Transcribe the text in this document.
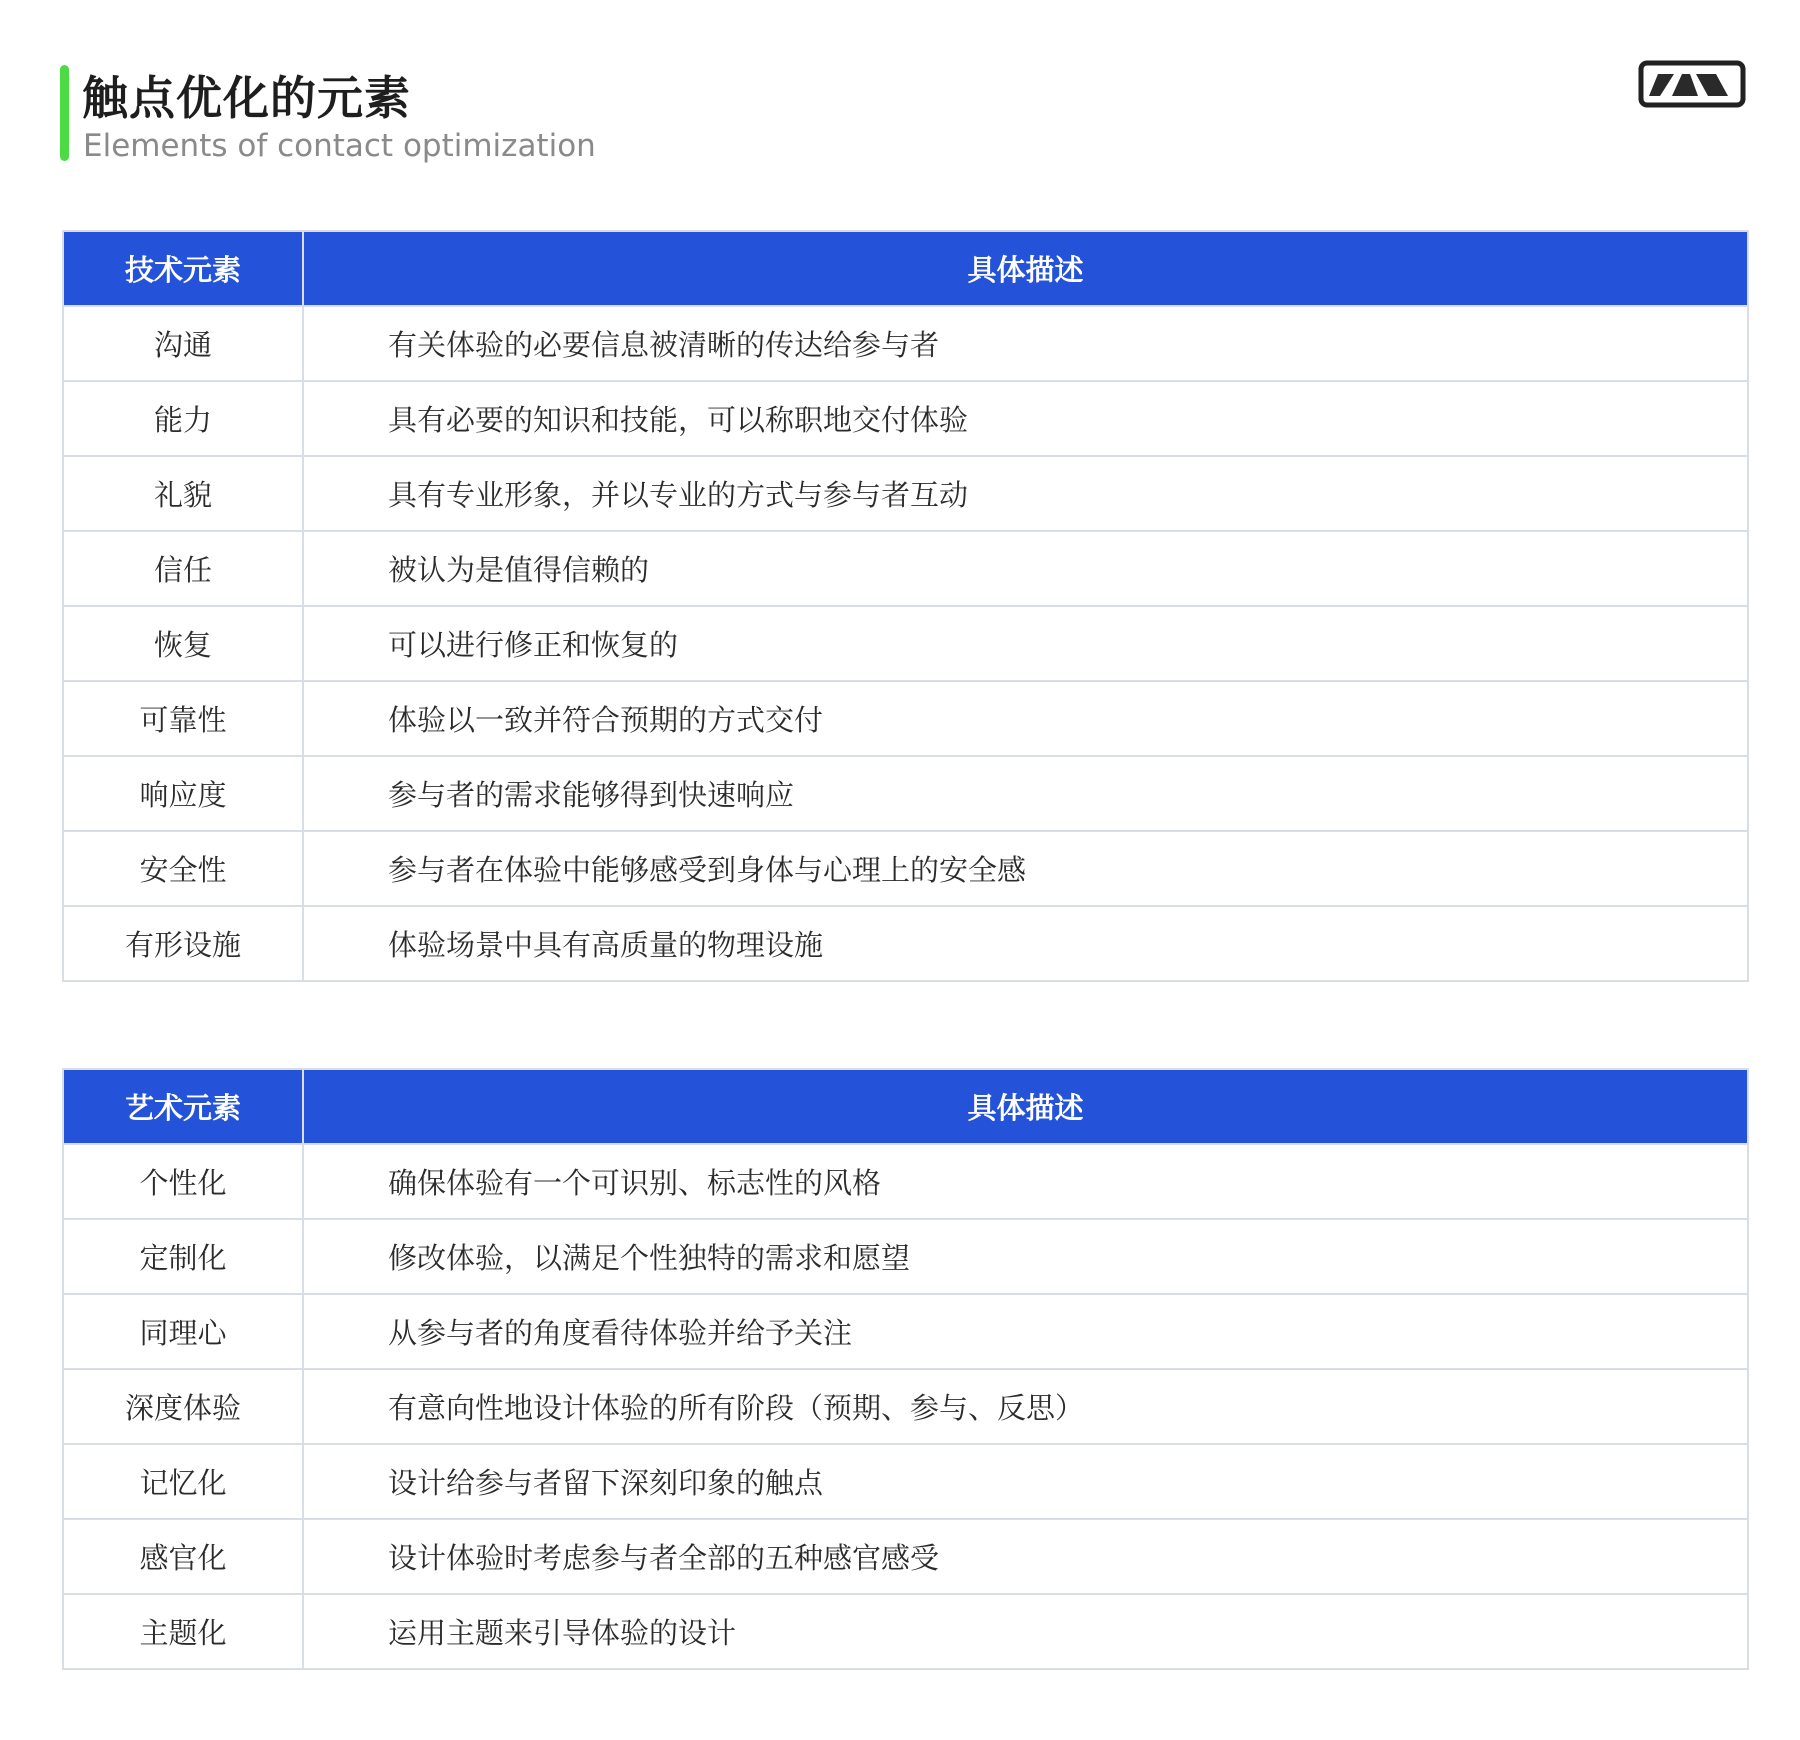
触点优化的元素
Elements of contact optimization
技术元素	具体描述
沟通	有关体验的必要信息被清晰的传达给参与者
能力	具有必要的知识和技能，可以称职地交付体验
礼貌	具有专业形象，并以专业的方式与参与者互动
信任	被认为是值得信赖的
恢复	可以进行修正和恢复的
可靠性	体验以一致并符合预期的方式交付
响应度	参与者的需求能够得到快速响应
安全性	参与者在体验中能够感受到身体与心理上的安全感
有形设施	体验场景中具有高质量的物理设施
艺术元素	具体描述
个性化	确保体验有一个可识别、标志性的风格
定制化	修改体验，以满足个性独特的需求和愿望
同理心	从参与者的角度看待体验并给予关注
深度体验	有意向性地设计体验的所有阶段（预期、参与、反思）
记忆化	设计给参与者留下深刻印象的触点
感官化	设计体验时考虑参与者全部的五种感官感受
主题化	运用主题来引导体验的设计
